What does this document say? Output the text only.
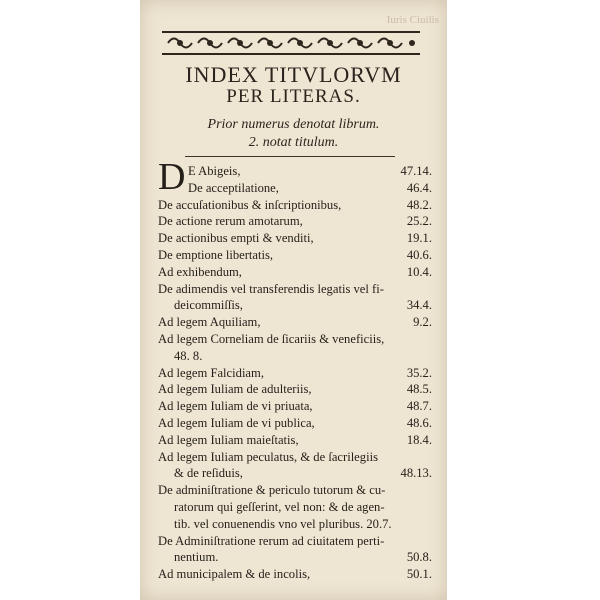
Iuris Ciuilis
INDEX TITVLORVM
PER LITERAS.
Prior numerus denotat librum.
2. notat titulum.
D E Abigeis,	47.14.
De acceptilatione,	46.4.
De accuſationibus & inſcriptionibus,	48.2.
De actione rerum amotarum,	25.2.
De actionibus empti & venditi,	19.1.
De emptione libertatis,	40.6.
Ad exhibendum,	10.4.
De adimendis vel transferendis legatis vel fi-
deicommiſſis,	34.4.
Ad legem Aquiliam,	9.2.
Ad legem Corneliam de ſicariis & veneficiis,
48. 8.
Ad legem Falcidiam,	35.2.
Ad legem Iuliam de adulteriis,	48.5.
Ad legem Iuliam de vi priuata,	48.7.
Ad legem Iuliam de vi publica,	48.6.
Ad legem Iuliam maieſtatis,	18.4.
Ad legem Iuliam peculatus, & de ſacrilegiis
& de reſiduis,	48.13.
De adminiſtratione & periculo tutorum & cu-
ratorum qui geſſerint, vel non: & de agen-
tib. vel conuenendis vno vel pluribus. 20.7.
De Adminiſtratione rerum ad ciuitatem perti-
nentium.	50.8.
Ad municipalem & de incolis,	50.1.
